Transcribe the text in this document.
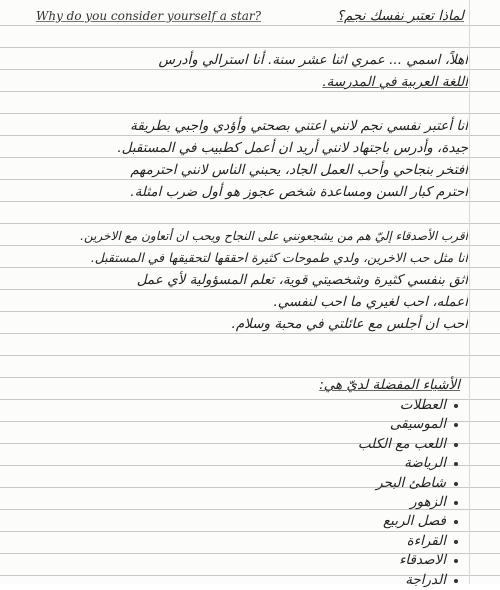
Why do you consider yourself a star?	لماذا تعتبر نفسك نجم؟
اهلاً، اسمي ... عمري اثنا عشر سنة. أنا استرالي وأدرس
اللغة العربية في المدرسة.
أنا أعتبر نفسي نجم لانني اعتني بصحتي وأؤدي واجبي بطريقة
جيدة، وأدرس باجتهاد لانني أريد ان أعمل كطبيب في المستقبل.
أفتخر بنجاحي وأحب العمل الجاد، يحبني الناس لانني احترمهم
احترم كبار السن ومساعدة شخص عجوز هو أول ضرب امثلة.
أقرب الأصدقاء إليّ هم من يشجعونني على النجاح ويحب ان أتعاون مع الاخرين.
أنا مثل حب الاخرين، ولدي طموحات كثيرة احققها لتحقيقها في المستقبل.
أثق بنفسي كثيرة وشخصيتي قوية، تعلم المسؤولية لأي عمل
أعمله، احب لغيري ما احب لنفسي.
أحب ان أجلس مع عائلتي في محبة وسلام.
الأشياء المفضلة لديّ هي:
العطلات
الموسيقى
اللعب مع الكلب
الرياضة
شاطئ البحر
الزهور
فصل الربيع
القراءة
الاصدقاء
الدراجة
